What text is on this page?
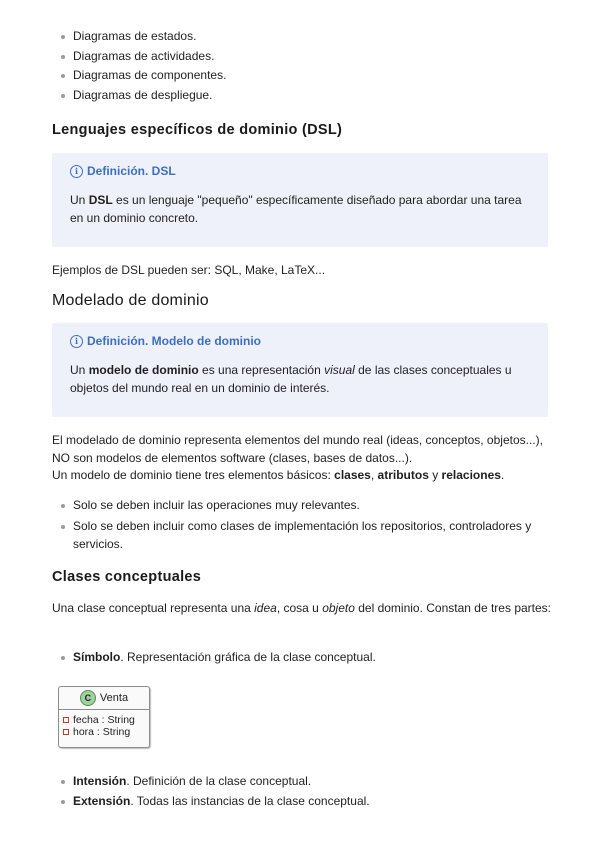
Diagramas de estados.
Diagramas de actividades.
Diagramas de componentes.
Diagramas de despliegue.
Lenguajes específicos de dominio (DSL)
i Definición. DSL
Un DSL es un lenguaje "pequeño" específicamente diseñado para abordar una tarea en un dominio concreto.
Ejemplos de DSL pueden ser: SQL, Make, LaTeX...
Modelado de dominio
i Definición. Modelo de dominio
Un modelo de dominio es una representación visual de las clases conceptuales u objetos del mundo real en un dominio de interés.
El modelado de dominio representa elementos del mundo real (ideas, conceptos, objetos...), NO son modelos de elementos software (clases, bases de datos...).
Un modelo de dominio tiene tres elementos básicos: clases, atributos y relaciones.
Solo se deben incluir las operaciones muy relevantes.
Solo se deben incluir como clases de implementación los repositorios, controladores y servicios.
Clases conceptuales
Una clase conceptual representa una idea, cosa u objeto del dominio. Constan de tres partes:
Símbolo. Representación gráfica de la clase conceptual.
C Venta
fecha : String
hora : String
Intensión. Definición de la clase conceptual.
Extensión. Todas las instancias de la clase conceptual.
